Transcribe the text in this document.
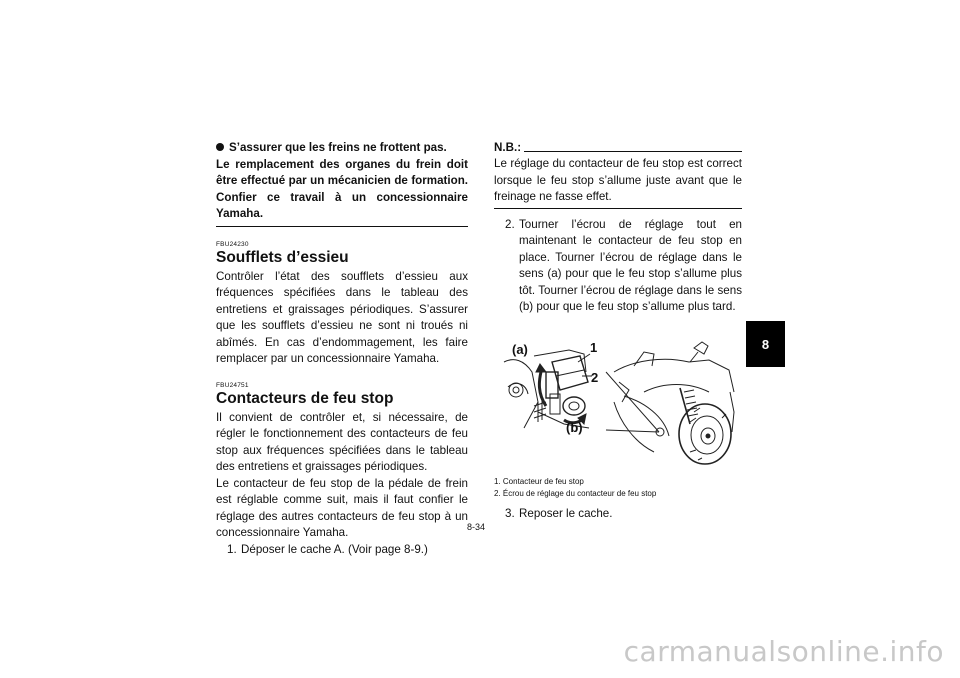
S’assurer que les freins ne frottent pas.

Le remplacement des organes du frein doit être effectué par un mécanicien de formation. Confier ce travail à un concessionnaire Yamaha.

FBU24230
Soufflets d’essieu

Contrôler l’état des soufflets d’essieu aux fréquences spécifiées dans le tableau des entretiens et graissages périodiques. S’assurer que les soufflets d’essieu ne sont ni troués ni abîmés. En cas d’endommagement, les faire remplacer par un concessionnaire Yamaha.

FBU24751
Contacteurs de feu stop

Il convient de contrôler et, si nécessaire, de régler le fonctionnement des contacteurs de feu stop aux fréquences spécifiées dans le tableau des entretiens et graissages périodiques.

Le contacteur de feu stop de la pédale de frein est réglable comme suit, mais il faut confier le réglage des autres contacteurs de feu stop à un concessionnaire Yamaha.

1. Déposer le cache A. (Voir page 8-9.)

N.B.:

Le réglage du contacteur de feu stop est correct lorsque le feu stop s’allume juste avant que le freinage ne fasse effet.

2. Tourner l’écrou de réglage tout en maintenant le contacteur de feu stop en place. Tourner l’écrou de réglage dans le sens (a) pour que le feu stop s’allume plus tôt. Tourner l’écrou de réglage dans le sens (b) pour que le feu stop s’allume plus tard.

(a)	1
2
(b)
1. Contacteur de feu stop
2. Écrou de réglage du contacteur de feu stop

3. Reposer le cache.

8-34
8
carmanualsonline.info
